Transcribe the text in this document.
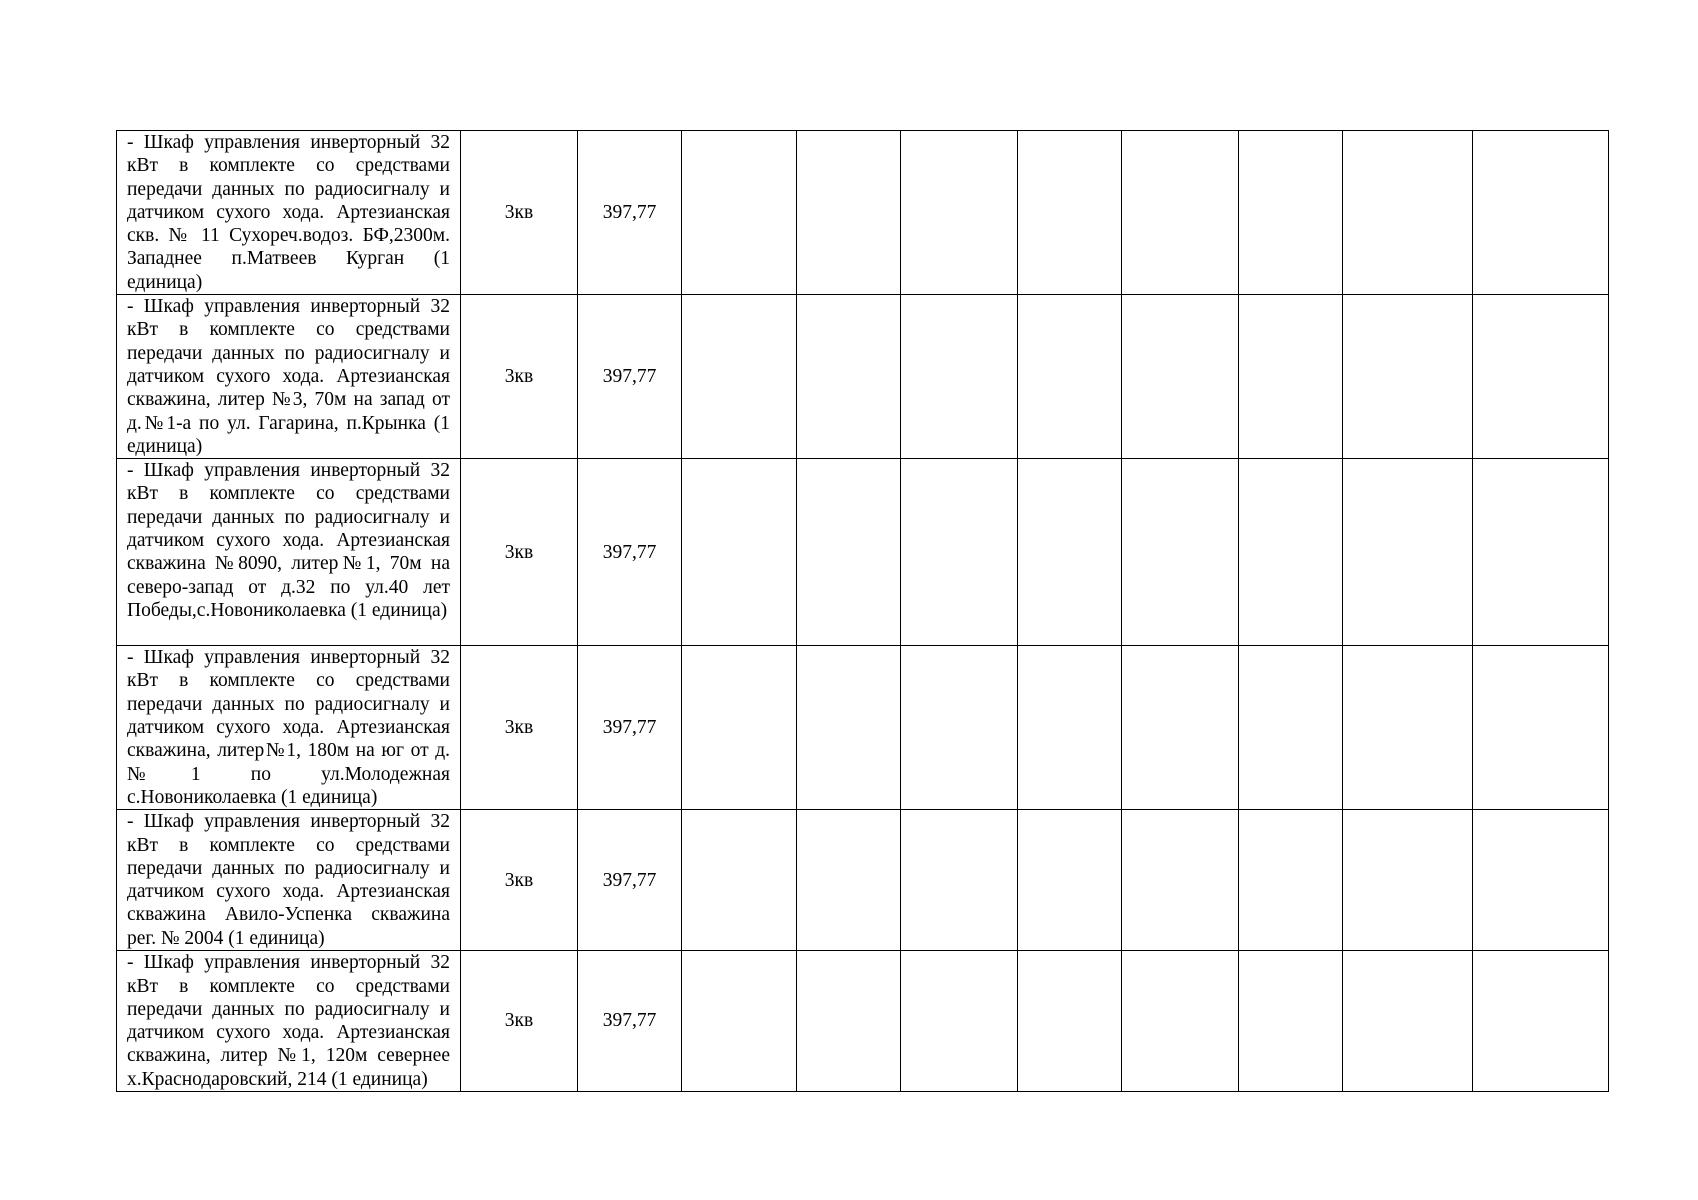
- Шкаф управления инверторный 32 кВт в комплекте со средствами передачи данных по радиосигналу и датчиком сухого хода. Артезианская скв. № 11 Сухореч.водоз. БФ,2300м. Западнее п.Матвеев Курган (1 единица)	3кв	397,77								
- Шкаф управления инверторный 32 кВт в комплекте со средствами передачи данных по радиосигналу и датчиком сухого хода. Артезианская скважина, литер №3, 70м на запад от д.№1-а по ул. Гагарина, п.Крынка (1 единица)	3кв	397,77								
- Шкаф управления инверторный 32 кВт в комплекте со средствами передачи данных по радиосигналу и датчиком сухого хода. Артезианская скважина №8090, литер№1, 70м на северо-запад от д.32 по ул.40 лет Победы,с.Новониколаевка (1 единица)	3кв	397,77								
- Шкаф управления инверторный 32 кВт в комплекте со средствами передачи данных по радиосигналу и датчиком сухого хода. Артезианская скважина, литер№1, 180м на юг от д.№1 по ул.Молодежная с.Новониколаевка (1 единица)	3кв	397,77								
- Шкаф управления инверторный 32 кВт в комплекте со средствами передачи данных по радиосигналу и датчиком сухого хода. Артезианская скважина Авило-Успенка скважина рег. № 2004 (1 единица)	3кв	397,77								
- Шкаф управления инверторный 32 кВт в комплекте со средствами передачи данных по радиосигналу и датчиком сухого хода. Артезианская скважина, литер №1, 120м севернее х.Краснодаровский, 214 (1 единица)	3кв	397,77								
